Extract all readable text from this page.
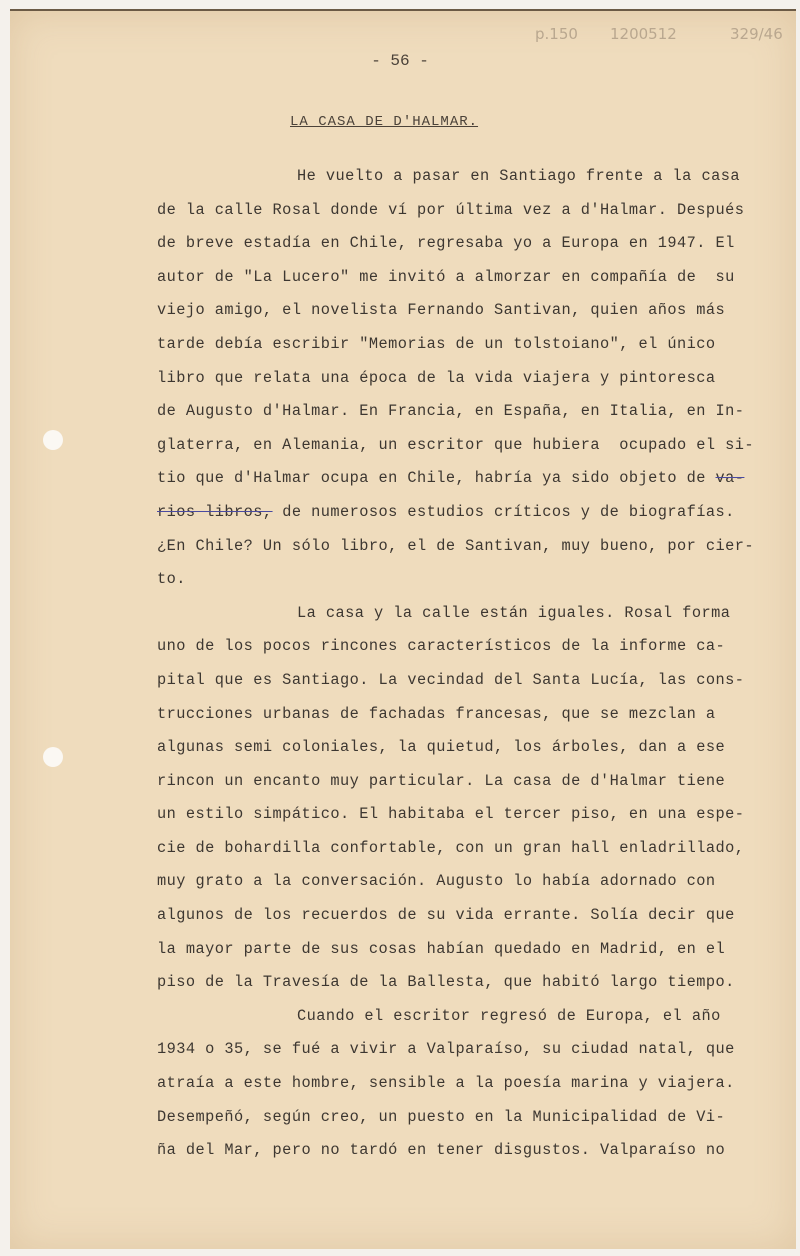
p.150 1200512	329/46
- 56 -
LA CASA DE D'HALMAR.
He vuelto a pasar en Santiago frente a la casa
de la calle Rosal donde ví por última vez a d'Halmar. Después
de breve estadía en Chile, regresaba yo a Europa en 1947. El
autor de "La Lucero" me invitó a almorzar en compañía de  su
viejo amigo, el novelista Fernando Santivan, quien años más
tarde debía escribir "Memorias de un tolstoiano", el único
libro que relata una época de la vida viajera y pintoresca
de Augusto d'Halmar. En Francia, en España, en Italia, en In-
glaterra, en Alemania, un escritor que hubiera  ocupado el si-
tio que d'Halmar ocupa en Chile, habría ya sido objeto de va-
rios libros, de numerosos estudios críticos y de biografías.
¿En Chile? Un sólo libro, el de Santivan, muy bueno, por cier-
to.
La casa y la calle están iguales. Rosal forma
uno de los pocos rincones característicos de la informe ca-
pital que es Santiago. La vecindad del Santa Lucía, las cons-
trucciones urbanas de fachadas francesas, que se mezclan a
algunas semi coloniales, la quietud, los árboles, dan a ese
rincon un encanto muy particular. La casa de d'Halmar tiene
un estilo simpático. El habitaba el tercer piso, en una espe-
cie de bohardilla confortable, con un gran hall enladrillado,
muy grato a la conversación. Augusto lo había adornado con
algunos de los recuerdos de su vida errante. Solía decir que
la mayor parte de sus cosas habían quedado en Madrid, en el
piso de la Travesía de la Ballesta, que habitó largo tiempo.
Cuando el escritor regresó de Europa, el año
1934 o 35, se fué a vivir a Valparaíso, su ciudad natal, que
atraía a este hombre, sensible a la poesía marina y viajera.
Desempeñó, según creo, un puesto en la Municipalidad de Vi-
ña del Mar, pero no tardó en tener disgustos. Valparaíso no
